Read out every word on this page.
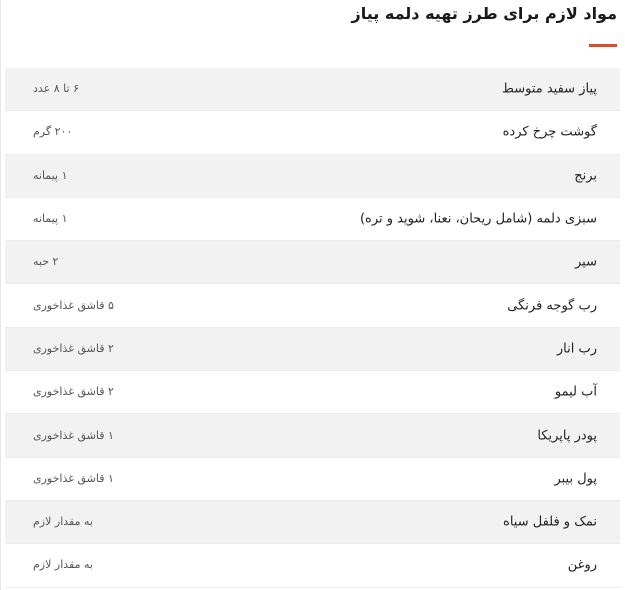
مواد لازم برای طرز تهیه دلمه پیاز
پیاز سفید متوسط
۶ تا ۸ عدد
گوشت چرخ کرده
۲۰۰ گرم
برنج
۱ پیمانه
سبزی دلمه (شامل ریحان، نعنا، شوید و تره)
۱ پیمانه
سیر
۲ حبه
رب گوجه فرنگی
۵ قاشق غذاخوری
رب انار
۲ قاشق غذاخوری
آب لیمو
۲ قاشق غذاخوری
پودر پاپریکا
۱ قاشق غذاخوری
پول بیبر
۱ قاشق غذاخوری
نمک و فلفل سیاه
به مقدار لازم
روغن
به مقدار لازم
